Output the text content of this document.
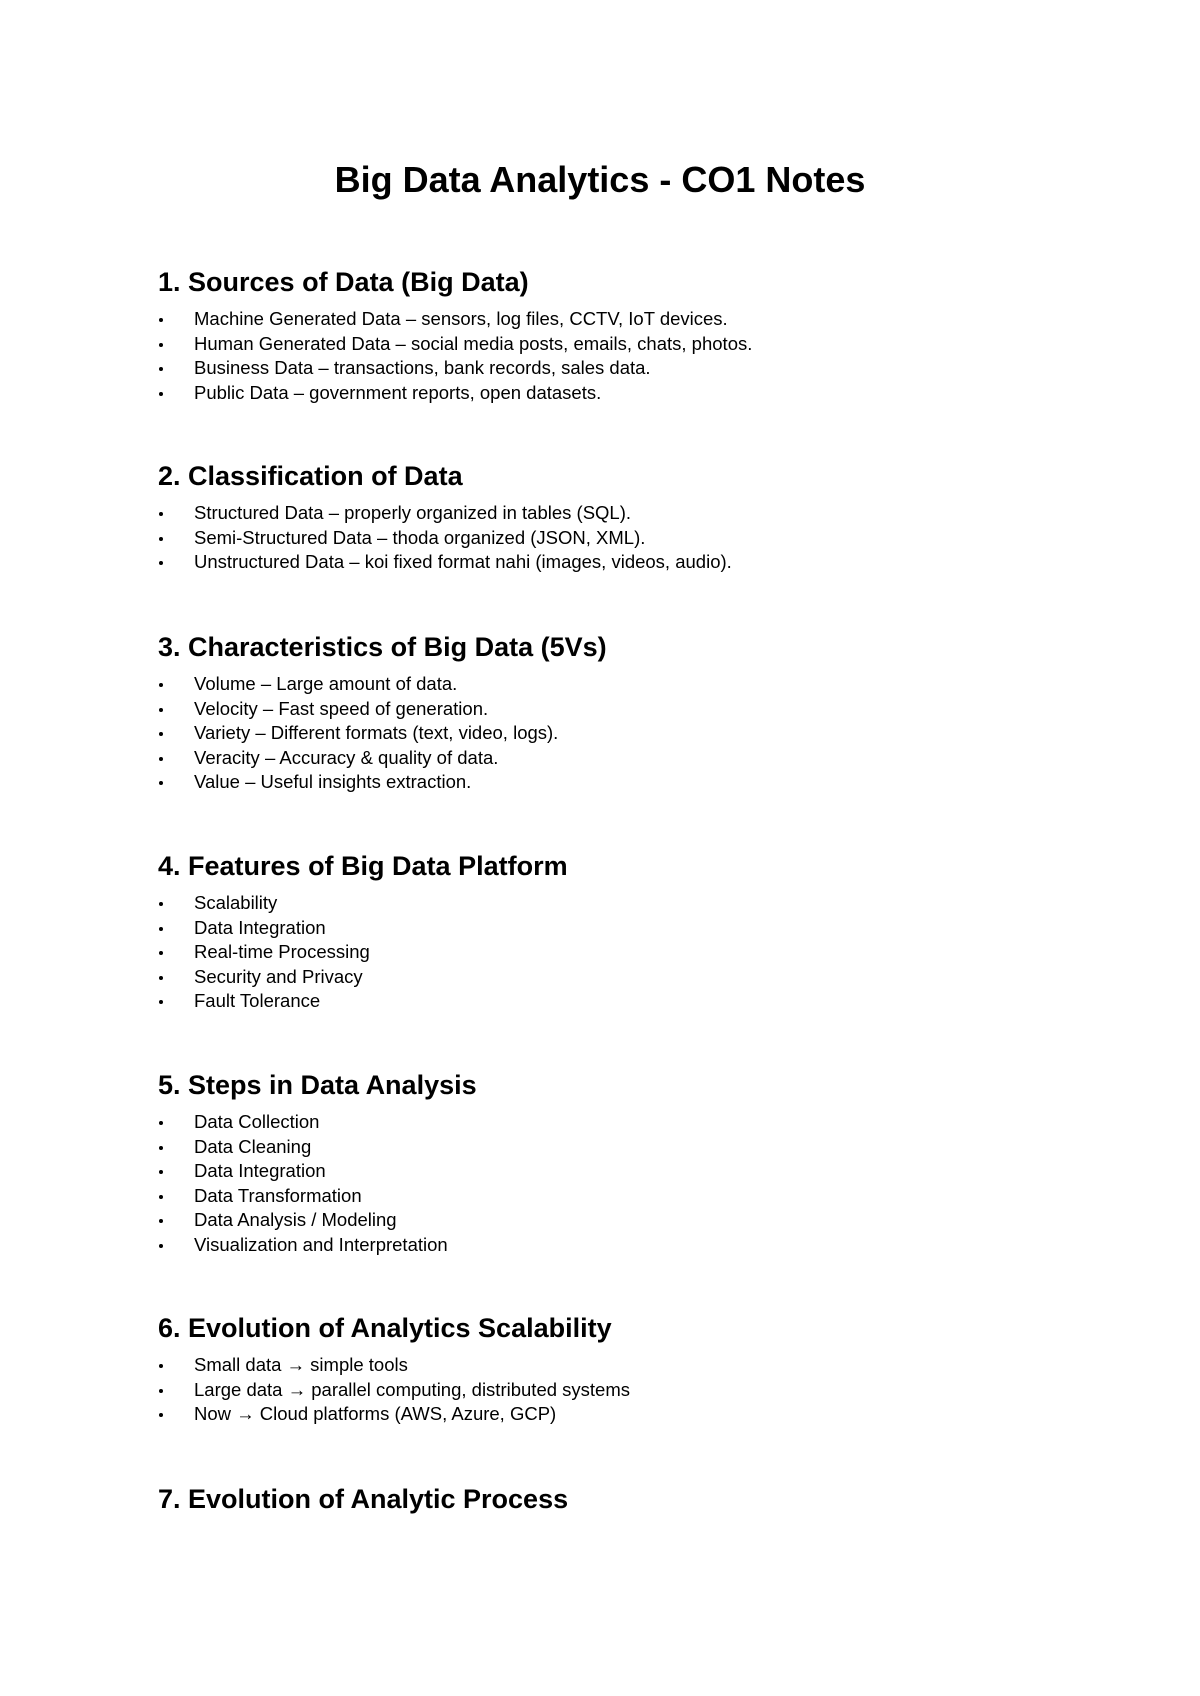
Big Data Analytics - CO1 Notes
1. Sources of Data (Big Data)
Machine Generated Data – sensors, log files, CCTV, IoT devices.
Human Generated Data – social media posts, emails, chats, photos.
Business Data – transactions, bank records, sales data.
Public Data – government reports, open datasets.
2. Classification of Data
Structured Data – properly organized in tables (SQL).
Semi-Structured Data – thoda organized (JSON, XML).
Unstructured Data – koi fixed format nahi (images, videos, audio).
3. Characteristics of Big Data (5Vs)
Volume – Large amount of data.
Velocity – Fast speed of generation.
Variety – Different formats (text, video, logs).
Veracity – Accuracy & quality of data.
Value – Useful insights extraction.
4. Features of Big Data Platform
Scalability
Data Integration
Real-time Processing
Security and Privacy
Fault Tolerance
5. Steps in Data Analysis
Data Collection
Data Cleaning
Data Integration
Data Transformation
Data Analysis / Modeling
Visualization and Interpretation
6. Evolution of Analytics Scalability
Small data → simple tools
Large data → parallel computing, distributed systems
Now → Cloud platforms (AWS, Azure, GCP)
7. Evolution of Analytic Process
